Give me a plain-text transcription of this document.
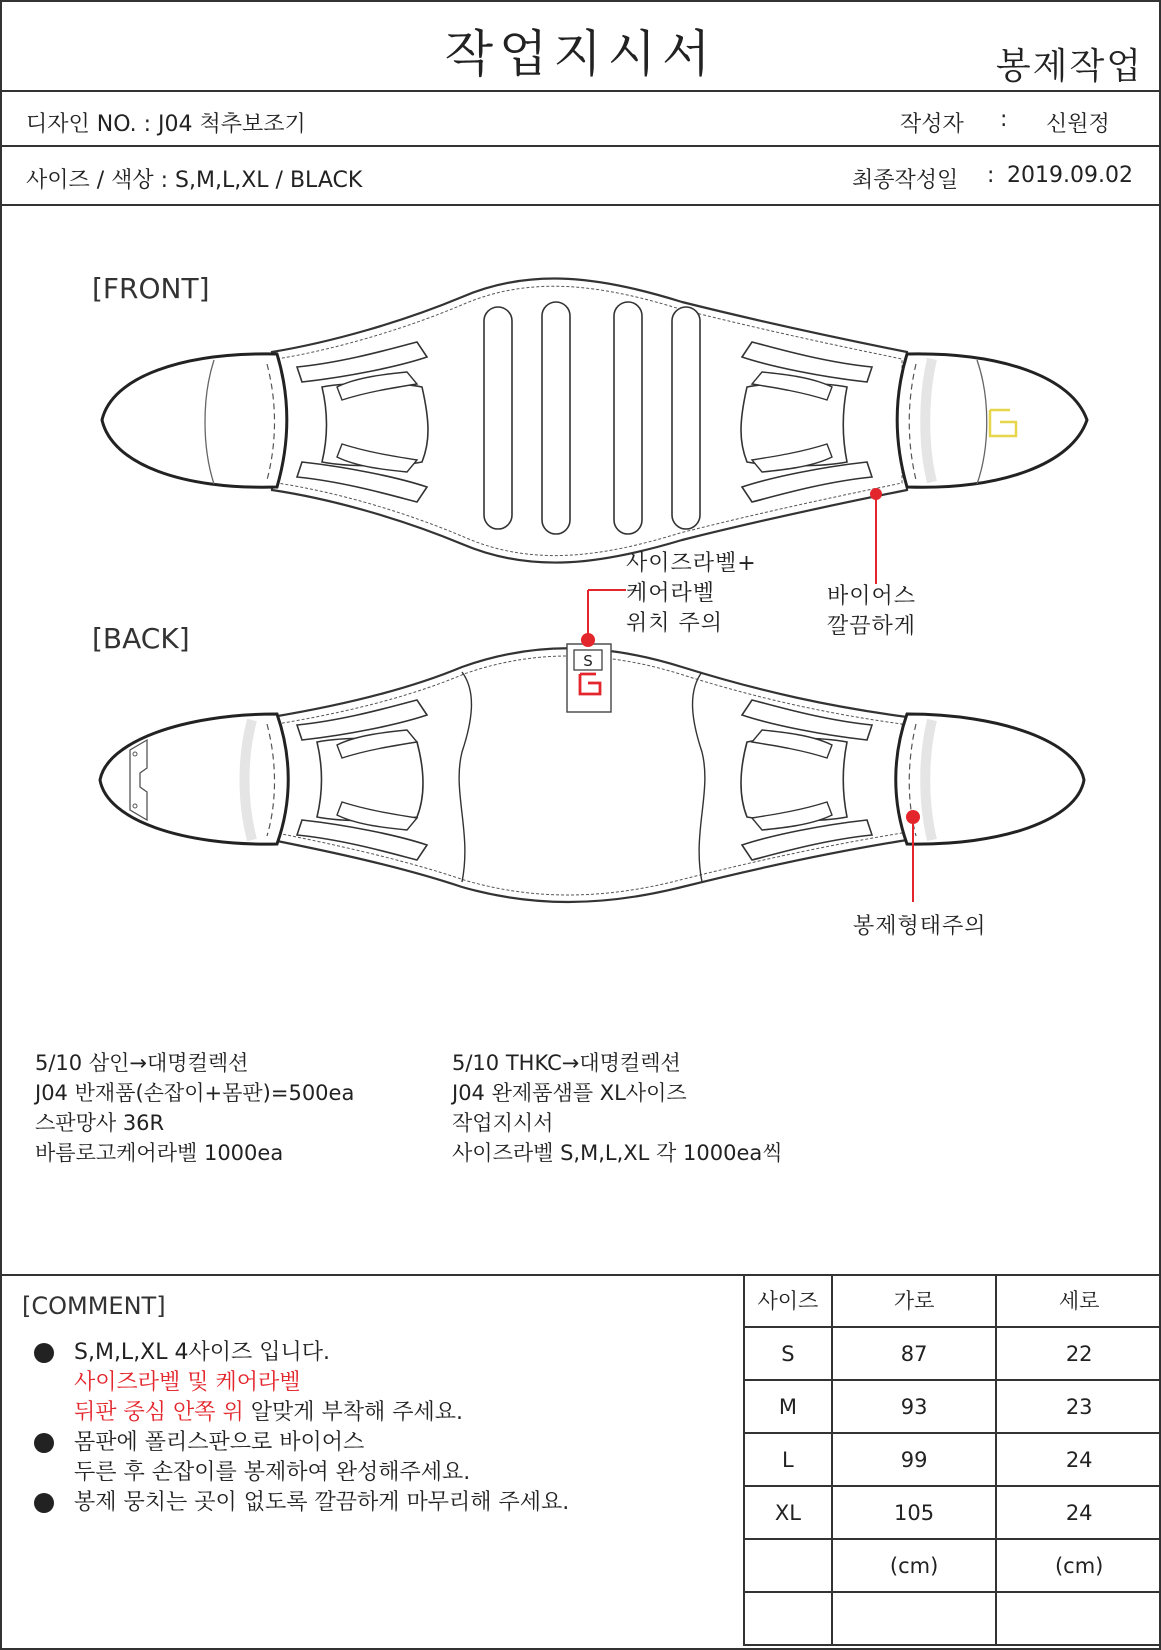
작업지시서	봉제작업
디자인 NO. : J04 척추보조기	작성자 : 신원정
사이즈 / 색상 : S,M,L,XL / BLACK	최종작성일 : 2019.09.02
S
[FRONT]
[BACK]
사이즈라벨+
케어라벨
위치 주의
바이어스
깔끔하게
봉제형태주의
5/10 삼인→대명컬렉션
J04 반재품(손잡이+몸판)=500ea
스판망사 36R
바름로고케어라벨 1000ea
5/10 THKC→대명컬렉션
J04 완제품샘플 XL사이즈
작업지시서
사이즈라벨 S,M,L,XL 각 1000ea씩
[COMMENT]
S,M,L,XL 4사이즈 입니다.
사이즈라벨 및 케어라벨
뒤판 중심 안쪽 위 알맞게 부착해 주세요.
몸판에 폴리스판으로 바이어스
두른 후 손잡이를 봉제하여 완성해주세요.
봉제 뭉치는 곳이 없도록 깔끔하게 마무리해 주세요.
사이즈	가로	세로
S	87	22
M	93	23
L	99	24
XL	105	24
	(cm)	(cm)
